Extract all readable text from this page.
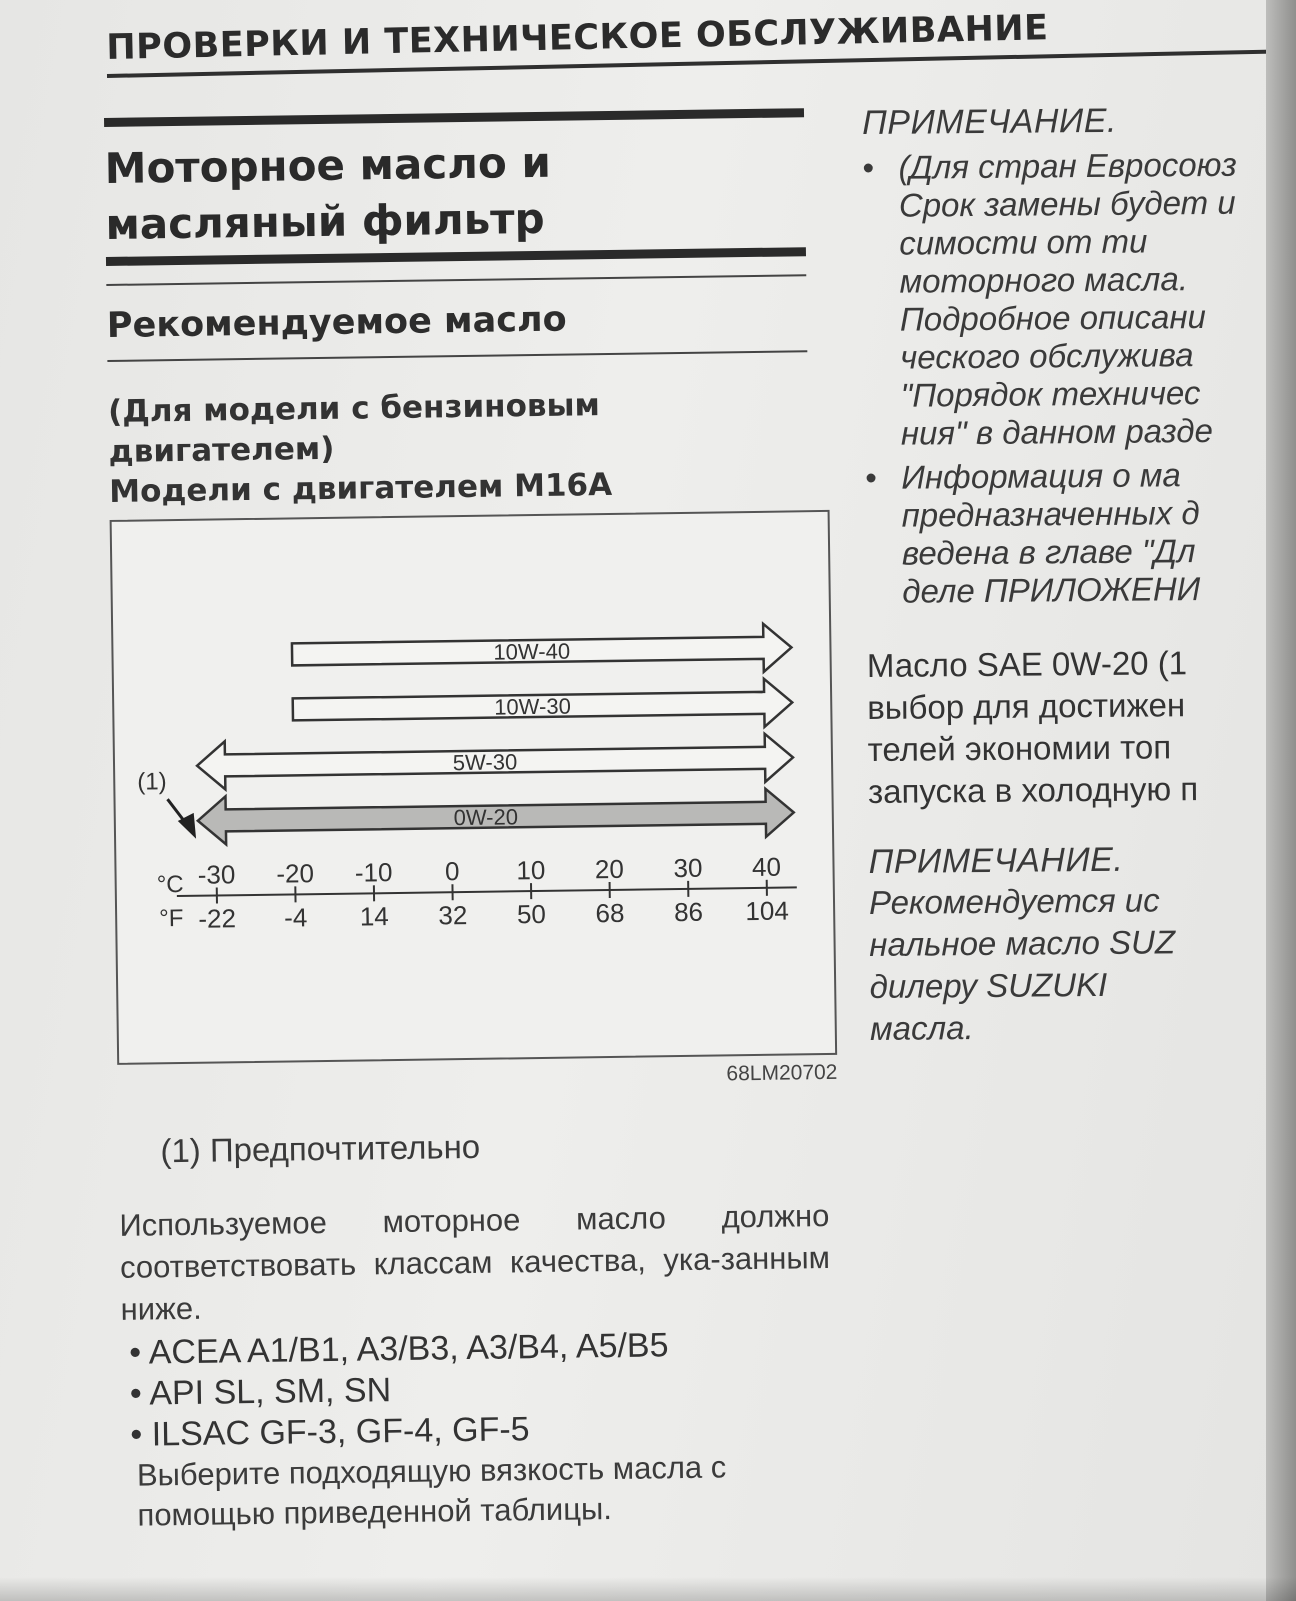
ПРОВЕРКИ И ТЕХНИЧЕСКОЕ ОБСЛУЖИВАНИЕ
Моторное масло и
масляный фильтр
Рекомендуемое масло
(Для модели с бензиновым
двигателем)
Модели с двигателем M16A
°C
°F
-30
-22
-20
-4
-10
14
0
32
10
50
20
68
30
86
40
104
10W-40
10W-30
5W-30
0W-20
(1)
68LM20702
(1) Предпочтительно
Используемое моторное масло должно соответствовать классам качества, ука-занным ниже.
• ACEA A1/B1, A3/B3, A3/B4, A5/B5
• API SL, SM, SN
• ILSAC GF-3, GF-4, GF-5
Выберите подходящую вязкость масла с
помощью приведенной таблицы.
ПРИМЕЧАНИЕ.
• (Для стран Евросоюз
Срок замены будет и
симости от ти
моторного масла.
Подробное описани
ческого обслужива
"Порядок техничес
ния" в данном разде
• Информация о ма
предназначенных д
ведена в главе "Дл
деле ПРИЛОЖЕНИ
Масло SAE 0W-20 (1
выбор для достижен
телей экономии топ
запуска в холодную п
ПРИМЕЧАНИЕ.
Рекомендуется ис
нальное масло SUZ
дилеру SUZUKI
масла.
